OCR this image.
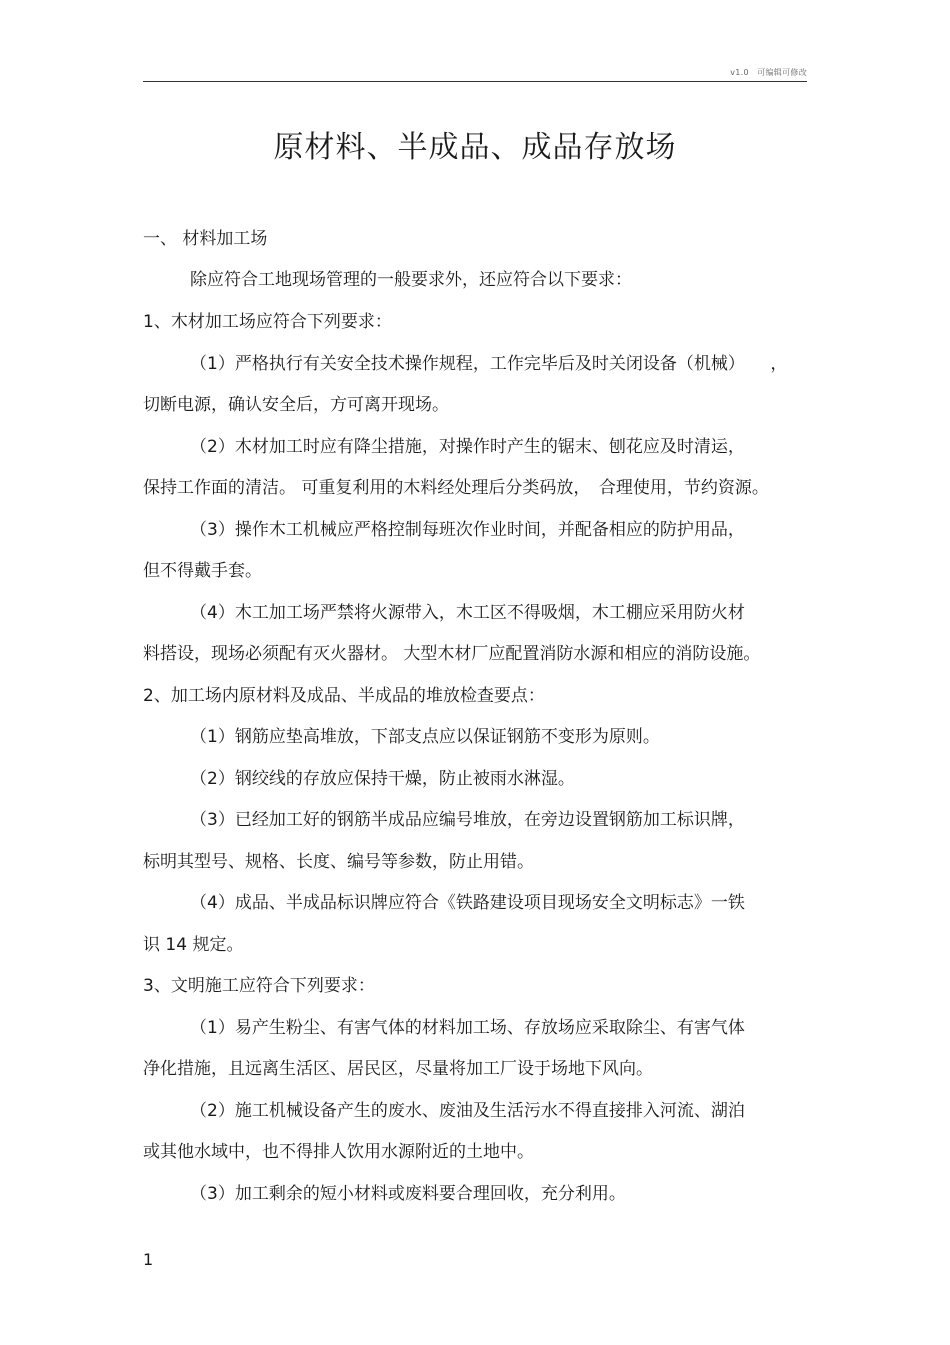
v1.0　可编辑可修改
原材料、半成品、成品存放场
一、 材料加工场
除应符合工地现场管理的一般要求外，还应符合以下要求：
1、木材加工场应符合下列要求：
（1）严格执行有关安全技术操作规程，工作完毕后及时关闭设备（机械）　　，
切断电源，确认安全后，方可离开现场。
（2）木材加工时应有降尘措施，对操作时产生的锯末、刨花应及时清运，
保持工作面的清洁。 可重复利用的木料经处理后分类码放，　合理使用，节约资源。
（3）操作木工机械应严格控制每班次作业时间，并配备相应的防护用品，
但不得戴手套。
（4）木工加工场严禁将火源带入，木工区不得吸烟，木工棚应采用防火材
料搭设，现场必须配有灭火器材。 大型木材厂应配置消防水源和相应的消防设施。
2、加工场内原材料及成品、半成品的堆放检查要点：
（1）钢筋应垫高堆放，下部支点应以保证钢筋不变形为原则。
（2）钢绞线的存放应保持干燥，防止被雨水淋湿。
（3）已经加工好的钢筋半成品应编号堆放，在旁边设置钢筋加工标识牌，
标明其型号、规格、长度、编号等参数，防止用错。
（4）成品、半成品标识牌应符合《铁路建设项目现场安全文明标志》一铁
识 14 规定。
3、文明施工应符合下列要求：
（1）易产生粉尘、有害气体的材料加工场、存放场应采取除尘、有害气体
净化措施，且远离生活区、居民区，尽量将加工厂设于场地下风向。
（2）施工机械设备产生的废水、废油及生活污水不得直接排入河流、湖泊
或其他水域中，也不得排人饮用水源附近的土地中。
（3）加工剩余的短小材料或废料要合理回收，充分利用。
1
